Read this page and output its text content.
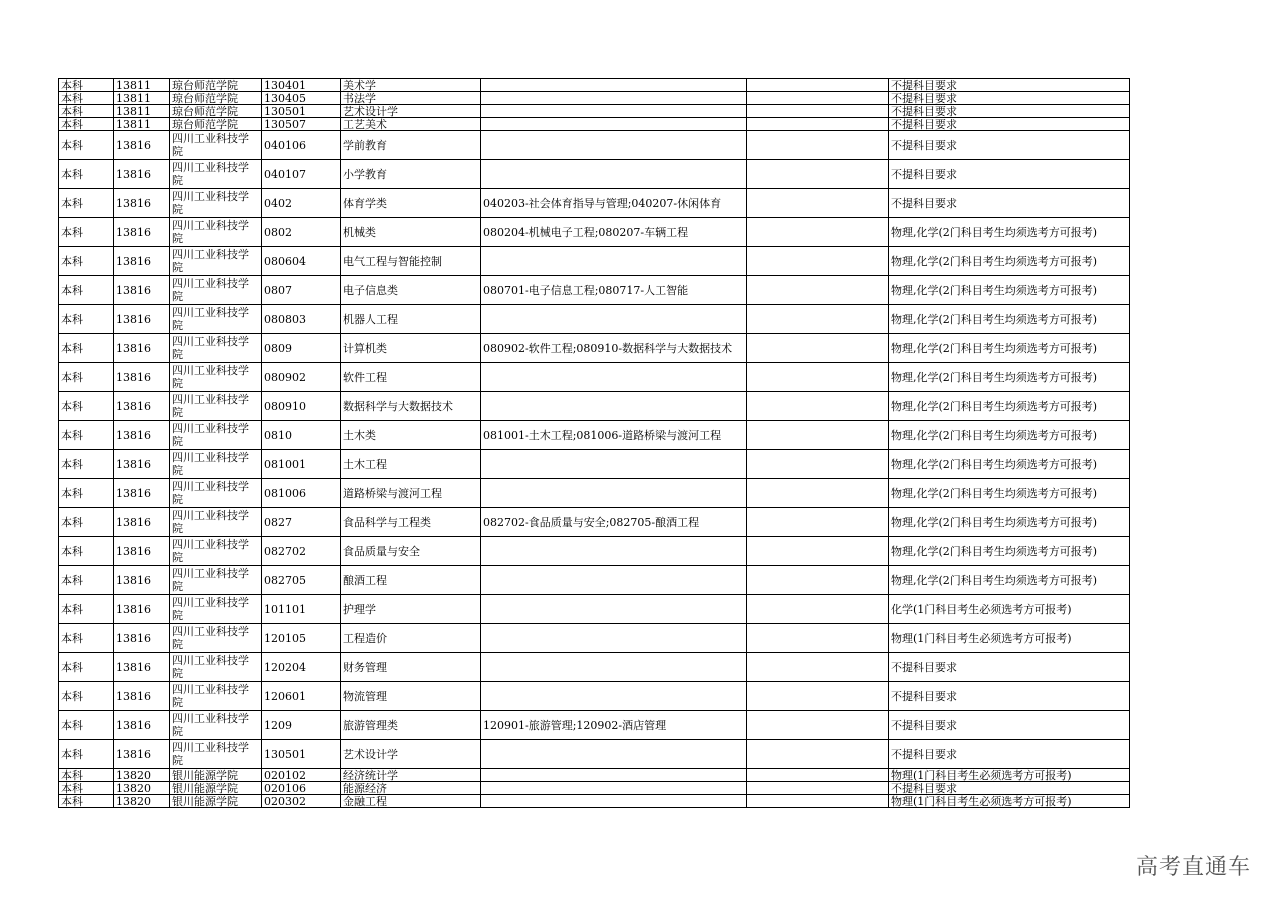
本科	13811	琼台师范学院	130401	美术学			不提科目要求
本科	13811	琼台师范学院	130405	书法学			不提科目要求
本科	13811	琼台师范学院	130501	艺术设计学			不提科目要求
本科	13811	琼台师范学院	130507	工艺美术			不提科目要求
本科	13816	四川工业科技学院	040106	学前教育			不提科目要求
本科	13816	四川工业科技学院	040107	小学教育			不提科目要求
本科	13816	四川工业科技学院	0402	体育学类	040203-社会体育指导与管理;040207-休闲体育		不提科目要求
本科	13816	四川工业科技学院	0802	机械类	080204-机械电子工程;080207-车辆工程		物理,化学(2门科目考生均须选考方可报考)
本科	13816	四川工业科技学院	080604	电气工程与智能控制			物理,化学(2门科目考生均须选考方可报考)
本科	13816	四川工业科技学院	0807	电子信息类	080701-电子信息工程;080717-人工智能		物理,化学(2门科目考生均须选考方可报考)
本科	13816	四川工业科技学院	080803	机器人工程			物理,化学(2门科目考生均须选考方可报考)
本科	13816	四川工业科技学院	0809	计算机类	080902-软件工程;080910-数据科学与大数据技术		物理,化学(2门科目考生均须选考方可报考)
本科	13816	四川工业科技学院	080902	软件工程			物理,化学(2门科目考生均须选考方可报考)
本科	13816	四川工业科技学院	080910	数据科学与大数据技术			物理,化学(2门科目考生均须选考方可报考)
本科	13816	四川工业科技学院	0810	土木类	081001-土木工程;081006-道路桥梁与渡河工程		物理,化学(2门科目考生均须选考方可报考)
本科	13816	四川工业科技学院	081001	土木工程			物理,化学(2门科目考生均须选考方可报考)
本科	13816	四川工业科技学院	081006	道路桥梁与渡河工程			物理,化学(2门科目考生均须选考方可报考)
本科	13816	四川工业科技学院	0827	食品科学与工程类	082702-食品质量与安全;082705-酿酒工程		物理,化学(2门科目考生均须选考方可报考)
本科	13816	四川工业科技学院	082702	食品质量与安全			物理,化学(2门科目考生均须选考方可报考)
本科	13816	四川工业科技学院	082705	酿酒工程			物理,化学(2门科目考生均须选考方可报考)
本科	13816	四川工业科技学院	101101	护理学			化学(1门科目考生必须选考方可报考)
本科	13816	四川工业科技学院	120105	工程造价			物理(1门科目考生必须选考方可报考)
本科	13816	四川工业科技学院	120204	财务管理			不提科目要求
本科	13816	四川工业科技学院	120601	物流管理			不提科目要求
本科	13816	四川工业科技学院	1209	旅游管理类	120901-旅游管理;120902-酒店管理		不提科目要求
本科	13816	四川工业科技学院	130501	艺术设计学			不提科目要求
本科	13820	银川能源学院	020102	经济统计学			物理(1门科目考生必须选考方可报考)
本科	13820	银川能源学院	020106	能源经济			不提科目要求
本科	13820	银川能源学院	020302	金融工程			物理(1门科目考生必须选考方可报考)
高考直通车
